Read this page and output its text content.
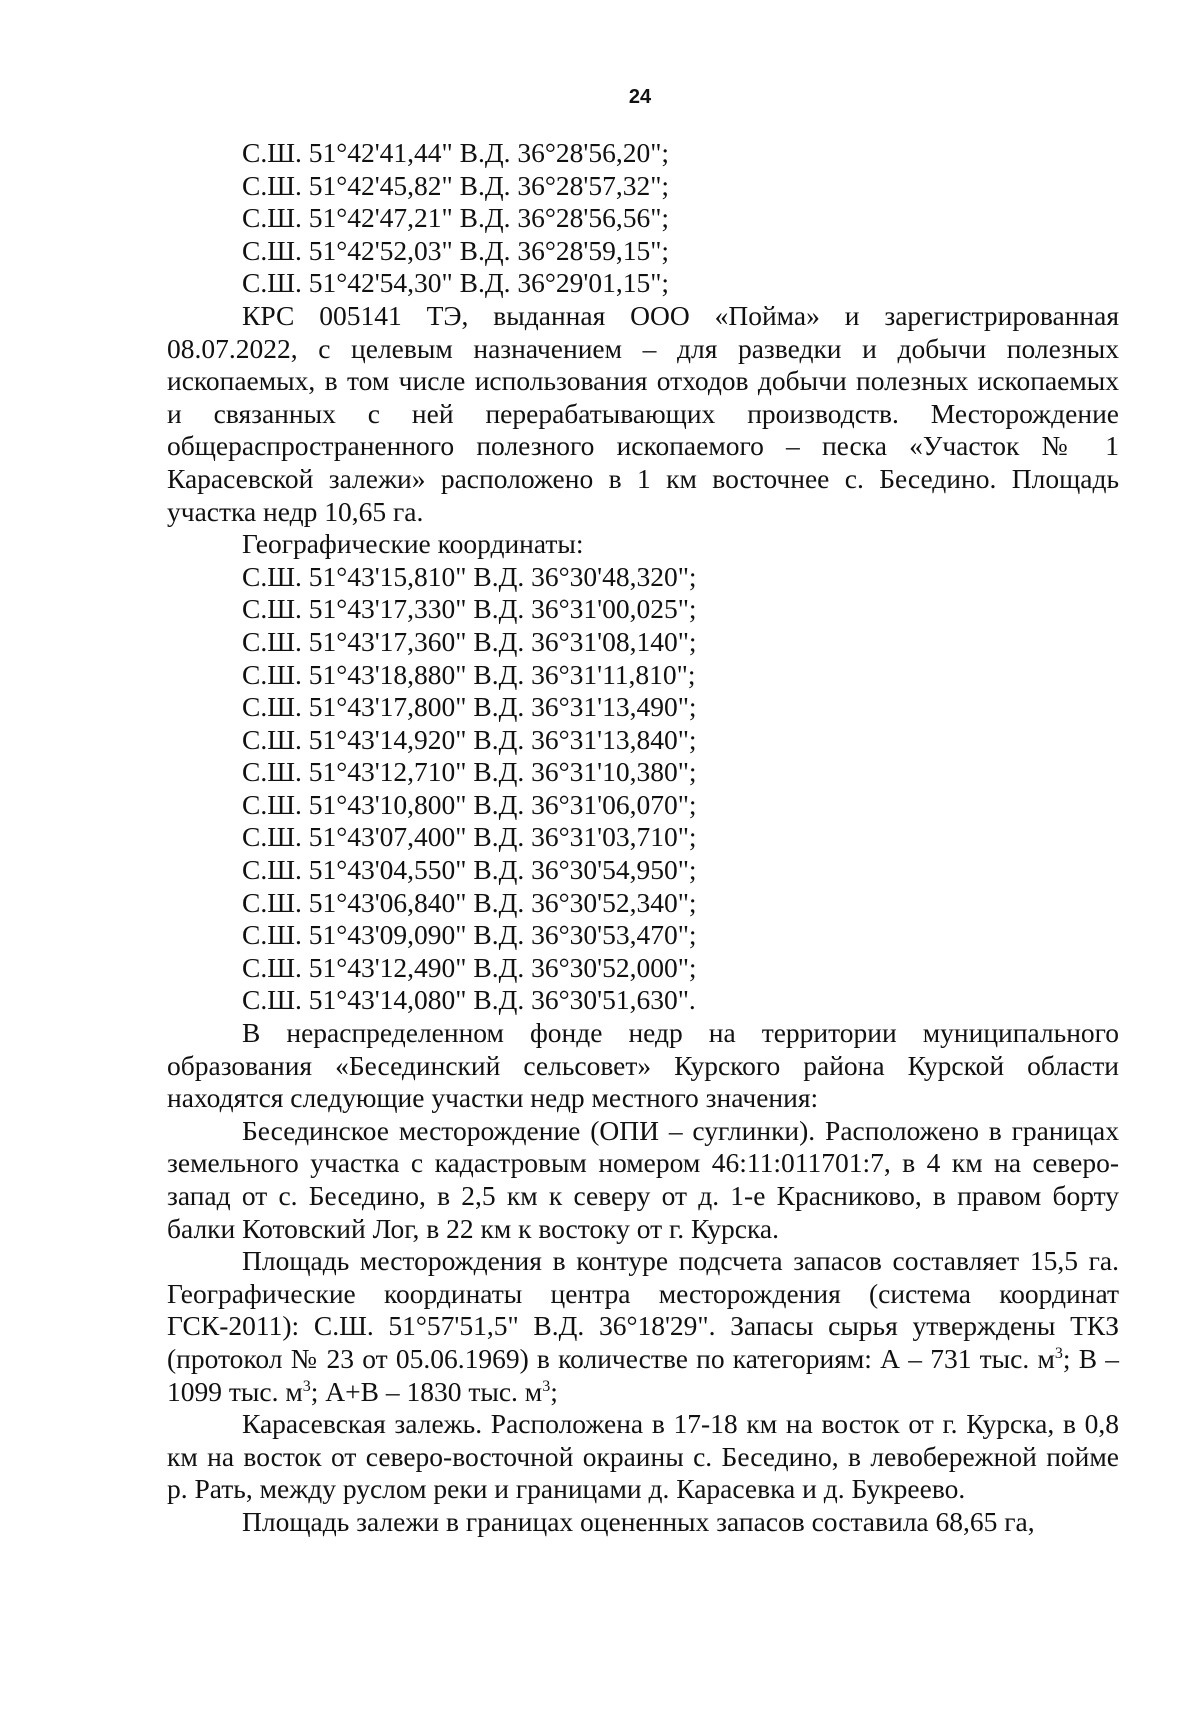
24
С.Ш. 51°42'41,44" В.Д. 36°28'56,20";
С.Ш. 51°42'45,82" В.Д. 36°28'57,32";
С.Ш. 51°42'47,21" В.Д. 36°28'56,56";
С.Ш. 51°42'52,03" В.Д. 36°28'59,15";
С.Ш. 51°42'54,30" В.Д. 36°29'01,15";

КРС 005141 ТЭ, выданная ООО «Пойма» и зарегистрированная 08.07.2022, с целевым назначением – для разведки и добычи полезных ископаемых, в том числе использования отходов добычи полезных ископаемых и связанных с ней перерабатывающих производств. Месторождение общераспространенного полезного ископаемого – песка «Участок № 1 Карасевской залежи» расположено в 1 км восточнее с. Беседино. Площадь участка недр 10,65 га.

Географические координаты:
С.Ш. 51°43'15,810" В.Д. 36°30'48,320";
С.Ш. 51°43'17,330" В.Д. 36°31'00,025";
С.Ш. 51°43'17,360" В.Д. 36°31'08,140";
С.Ш. 51°43'18,880" В.Д. 36°31'11,810";
С.Ш. 51°43'17,800" В.Д. 36°31'13,490";
С.Ш. 51°43'14,920" В.Д. 36°31'13,840";
С.Ш. 51°43'12,710" В.Д. 36°31'10,380";
С.Ш. 51°43'10,800" В.Д. 36°31'06,070";
С.Ш. 51°43'07,400" В.Д. 36°31'03,710";
С.Ш. 51°43'04,550" В.Д. 36°30'54,950";
С.Ш. 51°43'06,840" В.Д. 36°30'52,340";
С.Ш. 51°43'09,090" В.Д. 36°30'53,470";
С.Ш. 51°43'12,490" В.Д. 36°30'52,000";
С.Ш. 51°43'14,080" В.Д. 36°30'51,630".

В нераспределенном фонде недр на территории муниципального образования «Бесединский сельсовет» Курского района Курской области находятся следующие участки недр местного значения:

Бесединское месторождение (ОПИ – суглинки). Расположено в границах земельного участка с кадастровым номером 46:11:011701:7, в 4 км на северо-запад от с. Беседино, в 2,5 км к северу от д. 1-е Красниково, в правом борту балки Котовский Лог, в 22 км к востоку от г. Курска.

Площадь месторождения в контуре подсчета запасов составляет 15,5 га. Географические координаты центра месторождения (система координат ГСК-2011): С.Ш. 51°57'51,5" В.Д. 36°18'29". Запасы сырья утверждены ТКЗ (протокол № 23 от 05.06.1969) в количестве по категориям: А – 731 тыс. $м^3$; В – 1099 тыс. $м^3$; А+В – 1830 тыс. $м^3$;

Карасевская залежь. Расположена в 17-18 км на восток от г. Курска, в 0,8 км на восток от северо-восточной окраины с. Беседино, в левобережной пойме р. Рать, между руслом реки и границами д. Карасевка и д. Букреево.

Площадь залежи в границах оцененных запасов составила 68,65 га,
